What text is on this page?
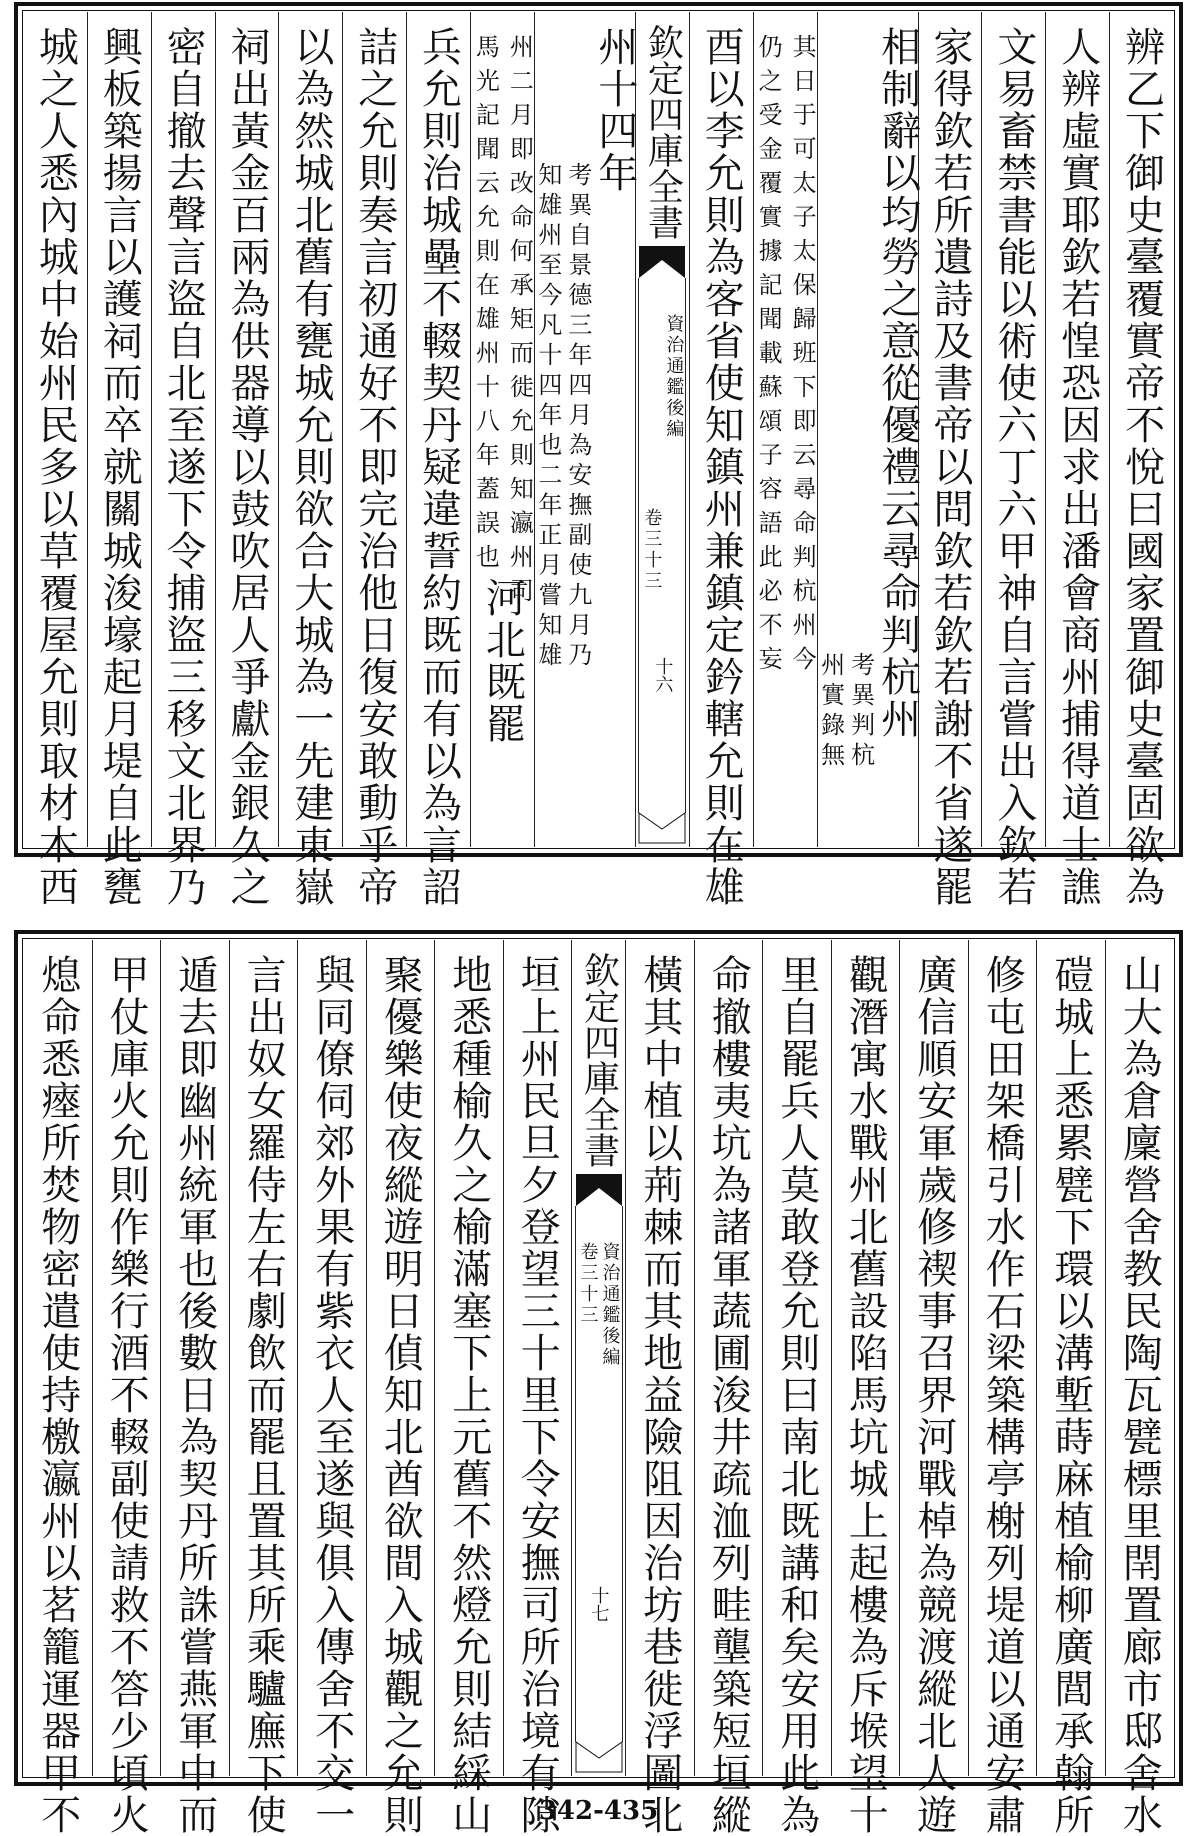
辨乙下御史臺覆實帝不悅曰國家置御史臺固欲為
人辨虛實耶欽若惶恐因求出潘會商州捕得道士譙
文易畜禁書能以術使六丁六甲神自言嘗出入欽若
家得欽若所遺詩及書帝以問欽若欽若謝不省遂罷
相制辭以均勞之意從優禮云尋命判杭州
考異判杭
州實錄無
其日于可太子太保歸班下即云尋命判杭州今
仍之受金覆實據記聞載蘇頌子容語此必不妄
酉以李允則為客省使知鎮州兼鎮定鈐轄允則在雄
欽定四庫全書
資治通鑑後編
卷三十三
十六
州十四年
考異自景德三年四月為安撫副使九月乃
知雄州至今凡十四年也二年正月嘗知雄
州二月即改命何承矩而徙允則知瀛州司
馬光記聞云允則在雄州十八年蓋誤也
河北既罷
兵允則治城壘不輟契丹疑違誓約既而有以為言詔
詰之允則奏言初通好不即完治他日復安敢動乎帝
以為然城北舊有甕城允則欲合大城為一先建東嶽
祠出黃金百兩為供器導以鼓吹居人爭獻金銀久之
密自撤去聲言盜自北至遂下令捕盜三移文北界乃
興板築揚言以護祠而卒就關城浚壕起月堤自此甕
城之人悉內城中始州民多以草覆屋允則取材木西
山大為倉廩營舍教民陶瓦甓標里閈置廊市邸舍水
磑城上悉累甓下環以溝塹蒔麻植榆柳廣閭承翰所
修屯田架橋引水作石梁築構亭榭列堤道以通安肅
廣信順安軍歲修禊事召界河戰棹為競渡縱北人遊
觀潛寓水戰州北舊設陷馬坑城上起樓為斥堠望十
里自罷兵人莫敢登允則曰南北既講和矣安用此為
命撤樓夷坑為諸軍蔬圃浚井疏洫列畦壟築短垣縱
橫其中植以荊棘而其地益險阻因治坊巷徙浮圖北
欽定四庫全書
資治通鑑後編
卷三十三
十七
垣上州民旦夕登望三十里下令安撫司所治境有隙
地悉種榆久之榆滿塞下上元舊不然燈允則結綵山
聚優樂使夜縱遊明日偵知北酋欲間入城觀之允則
與同僚伺郊外果有紫衣人至遂與俱入傳舍不交一
言出奴女羅侍左右劇飲而罷且置其所乘驢廡下使
遁去即幽州統軍也後數日為契丹所誅嘗燕軍中而
甲仗庫火允則作樂行酒不輟副使請救不答少頃火
熄命悉瘞所焚物密遣使持檄瀛州以茗籠運器甲不	342-435
